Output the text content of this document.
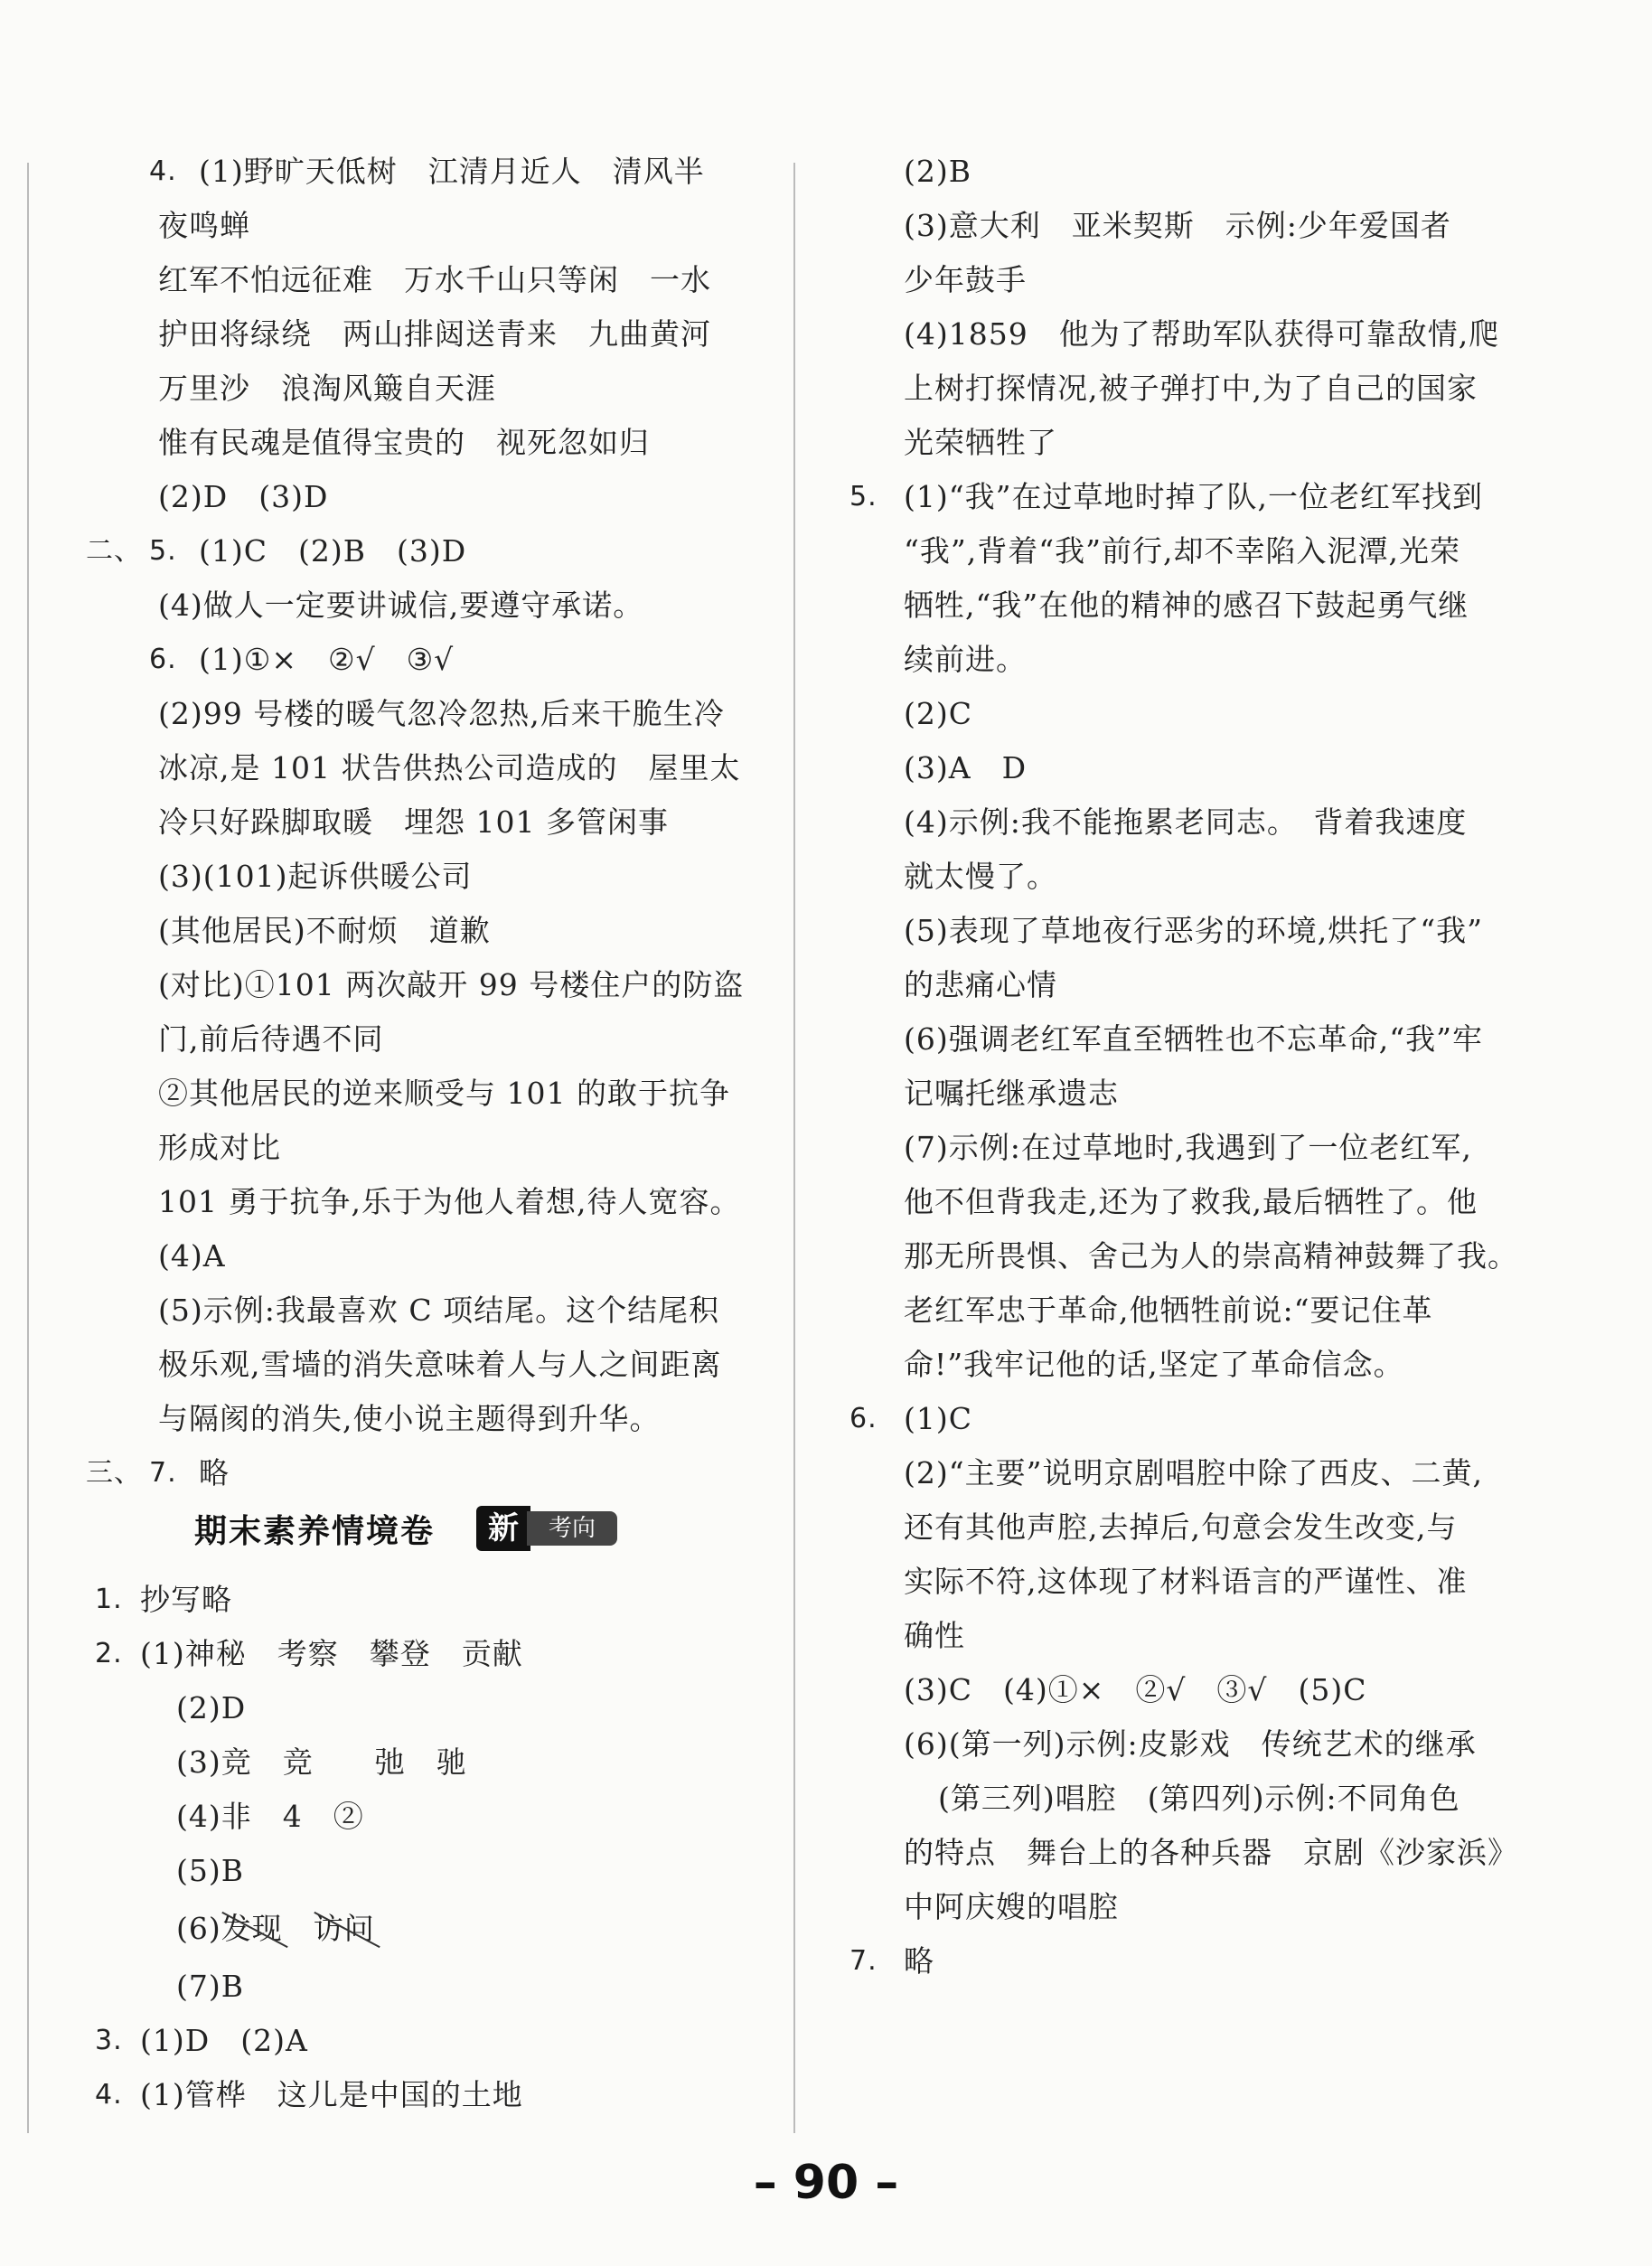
4. (1)野旷天低树　江清月近人　清风半
夜鸣蝉
红军不怕远征难　万水千山只等闲　一水
护田将绿绕　两山排闼送青来　九曲黄河
万里沙　浪淘风簸自天涯
惟有民魂是值得宝贵的　视死忽如归
(2)D　(3)D
二、 5. (1)C　(2)B　(3)D
(4)做人一定要讲诚信,要遵守承诺。
6. (1)①×　②√　③√
(2)99 号楼的暖气忽冷忽热,后来干脆生冷
冰凉,是 101 状告供热公司造成的　屋里太
冷只好跺脚取暖　埋怨 101 多管闲事
(3)(101)起诉供暖公司
(其他居民)不耐烦　道歉
(对比)①101 两次敲开 99 号楼住户的防盗
门,前后待遇不同
②其他居民的逆来顺受与 101 的敢于抗争
形成对比
101 勇于抗争,乐于为他人着想,待人宽容。
(4)A
(5)示例:我最喜欢 C 项结尾。这个结尾积
极乐观,雪墙的消失意味着人与人之间距离
与隔阂的消失,使小说主题得到升华。
三、 7. 略
期末素养情境卷	新	考向
1. 抄写略
2. (1)神秘　考察　攀登　贡献
(2)D
(3)竞　竞　　弛　驰
(4)非　4　②
(5)B
(6)发现　 访问
(7)B
3. (1)D　(2)A
4. (1)管桦　这儿是中国的土地
(2)B
(3)意大利　亚米契斯　示例:少年爱国者
少年鼓手
(4)1859　他为了帮助军队获得可靠敌情,爬
上树打探情况,被子弹打中,为了自己的国家
光荣牺牲了
5. (1)“我”在过草地时掉了队,一位老红军找到
“我”,背着“我”前行,却不幸陷入泥潭,光荣
牺牲,“我”在他的精神的感召下鼓起勇气继
续前进。
(2)C
(3)A　D
(4)示例:我不能拖累老同志。　背着我速度
就太慢了。
(5)表现了草地夜行恶劣的环境,烘托了“我”
的悲痛心情
(6)强调老红军直至牺牲也不忘革命,“我”牢
记嘱托继承遗志
(7)示例:在过草地时,我遇到了一位老红军,
他不但背我走,还为了救我,最后牺牲了。他
那无所畏惧、舍己为人的崇高精神鼓舞了我。
老红军忠于革命,他牺牲前说:“要记住革
命!”我牢记他的话,坚定了革命信念。
6. (1)C
(2)“主要”说明京剧唱腔中除了西皮、二黄,
还有其他声腔,去掉后,句意会发生改变,与
实际不符,这体现了材料语言的严谨性、准
确性
(3)C　(4)①×　②√　③√　(5)C
(6)(第一列)示例:皮影戏　传统艺术的继承
(第三列)唱腔　(第四列)示例:不同角色
的特点　舞台上的各种兵器　京剧《沙家浜》
中阿庆嫂的唱腔
7. 略
– 90 –
